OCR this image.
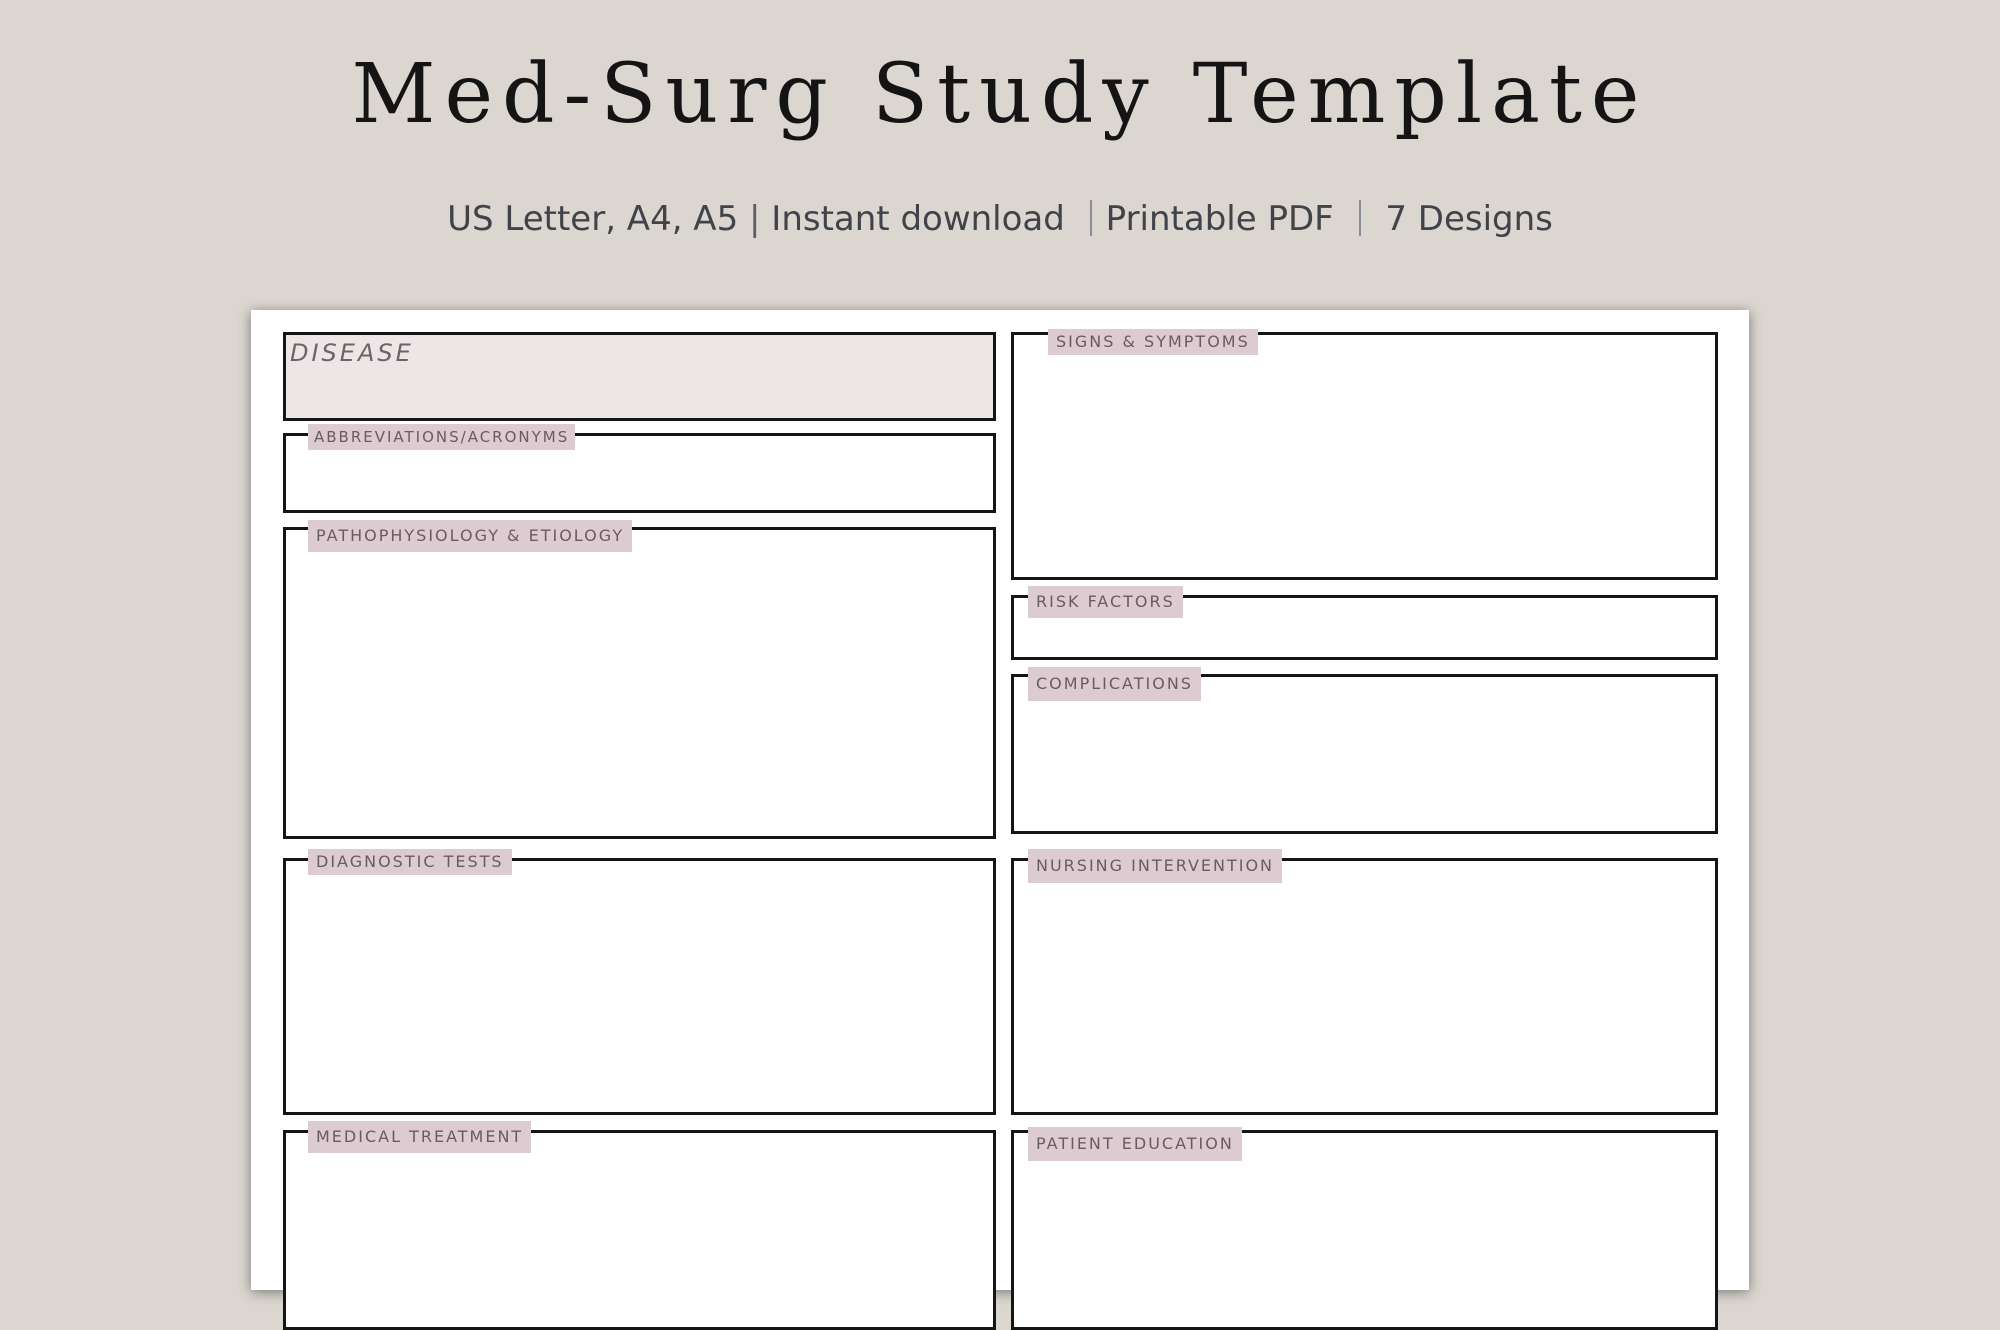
Med-Surg Study Template
US Letter, A4, A5 | Instant download Printable PDF 7 Designs
DISEASE
ABBREVIATIONS/ACRONYMS
PATHOPHYSIOLOGY & ETIOLOGY
DIAGNOSTIC TESTS
MEDICAL TREATMENT
SIGNS & SYMPTOMS
RISK FACTORS
COMPLICATIONS
NURSING INTERVENTION
PATIENT EDUCATION
